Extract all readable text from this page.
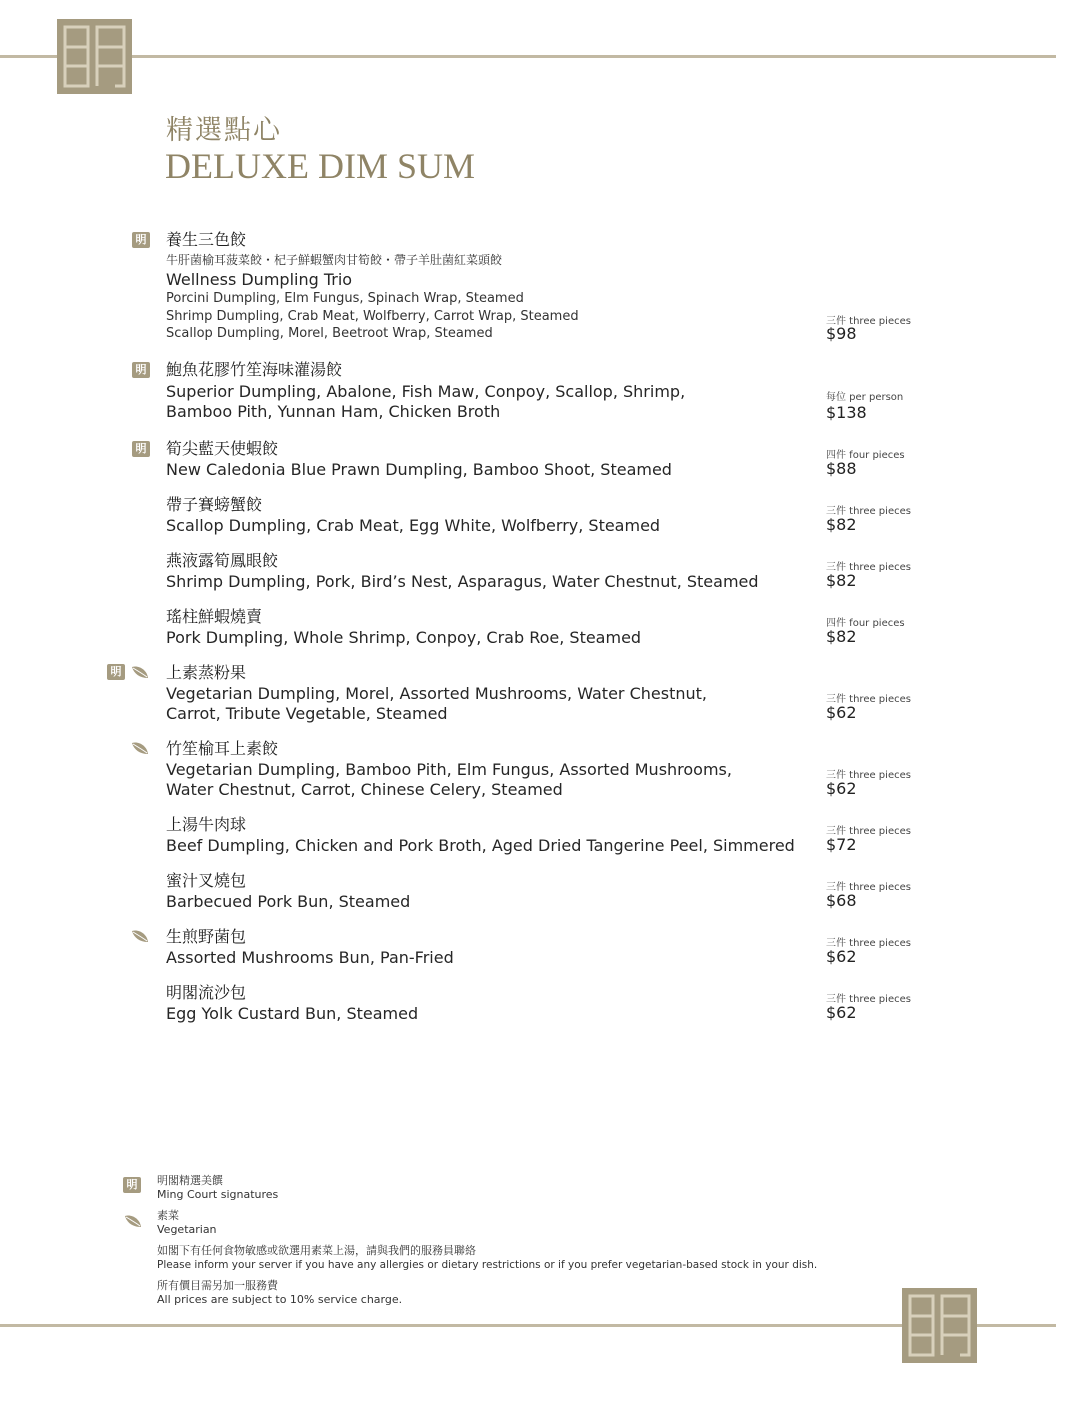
精選點心
DELUXE DIM SUM
明 養生三色餃
牛肝菌榆耳菠菜餃・杞子鮮蝦蟹肉甘筍餃・帶子羊肚菌紅菜頭餃
Wellness Dumpling Trio
Porcini Dumpling, Elm Fungus, Spinach Wrap, Steamed
Shrimp Dumpling, Crab Meat, Wolfberry, Carrot Wrap, Steamed
Scallop Dumpling, Morel, Beetroot Wrap, Steamed
三件 three pieces
$98
明 鮑魚花膠竹笙海味灌湯餃
Superior Dumpling, Abalone, Fish Maw, Conpoy, Scallop, Shrimp,
Bamboo Pith, Yunnan Ham, Chicken Broth
每位 per person
$138
明 筍尖藍天使蝦餃
New Caledonia Blue Prawn Dumpling, Bamboo Shoot, Steamed
四件 four pieces
$88
帶子賽螃蟹餃
Scallop Dumpling, Crab Meat, Egg White, Wolfberry, Steamed
三件 three pieces
$82
燕液露筍鳳眼餃
Shrimp Dumpling, Pork, Bird’s Nest, Asparagus, Water Chestnut, Steamed
三件 three pieces
$82
瑤柱鮮蝦燒賣
Pork Dumpling, Whole Shrimp, Conpoy, Crab Roe, Steamed
四件 four pieces
$82
明	上素蒸粉果
Vegetarian Dumpling, Morel, Assorted Mushrooms, Water Chestnut,
Carrot, Tribute Vegetable, Steamed
三件 three pieces
$62
竹笙榆耳上素餃
Vegetarian Dumpling, Bamboo Pith, Elm Fungus, Assorted Mushrooms,
Water Chestnut, Carrot, Chinese Celery, Steamed
三件 three pieces
$62
上湯牛肉球
Beef Dumpling, Chicken and Pork Broth, Aged Dried Tangerine Peel, Simmered
三件 three pieces
$72
蜜汁叉燒包
Barbecued Pork Bun, Steamed
三件 three pieces
$68
生煎野菌包
Assorted Mushrooms Bun, Pan-Fried
三件 three pieces
$62
明閣流沙包
Egg Yolk Custard Bun, Steamed
三件 three pieces
$62
明	明閣精選美饌
Ming Court signatures
素菜
Vegetarian
如閣下有任何食物敏感或欲選用素菜上湯，請與我們的服務員聯絡
Please inform your server if you have any allergies or dietary restrictions or if you prefer vegetarian-based stock in your dish.
所有價目需另加一服務費
All prices are subject to 10% service charge.
